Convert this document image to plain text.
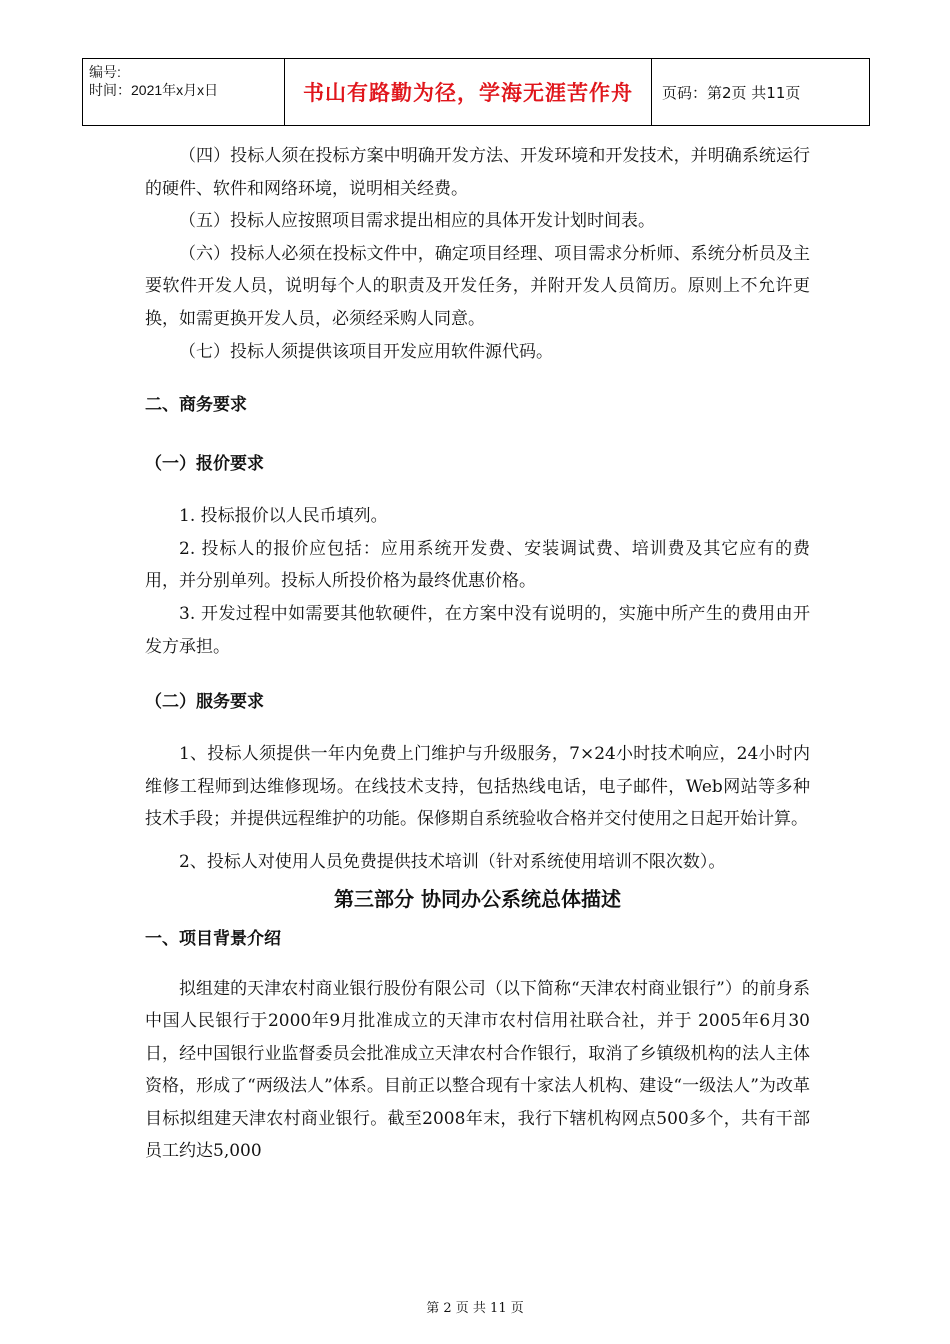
编号:
时间：2021年x月x日	书山有路勤为径，学海无涯苦作舟	页码：第2页 共11页

（四）投标人须在投标方案中明确开发方法、开发环境和开发技术，并明确系统运行的硬件、软件和网络环境，说明相关经费。

（五）投标人应按照项目需求提出相应的具体开发计划时间表。

（六）投标人必须在投标文件中，确定项目经理、项目需求分析师、系统分析员及主要软件开发人员，说明每个人的职责及开发任务，并附开发人员简历。原则上不允许更换，如需更换开发人员，必须经采购人同意。

（七）投标人须提供该项目开发应用软件源代码。

二、商务要求
（一）报价要求

1. 投标报价以人民币填列。

2. 投标人的报价应包括：应用系统开发费、安装调试费、培训费及其它应有的费用，并分别单列。投标人所投价格为最终优惠价格。

3. 开发过程中如需要其他软硬件，在方案中没有说明的，实施中所产生的费用由开发方承担。

（二）服务要求

1、投标人须提供一年内免费上门维护与升级服务，7×24小时技术响应，24小时内维修工程师到达维修现场。在线技术支持，包括热线电话，电子邮件，Web网站等多种技术手段；并提供远程维护的功能。保修期自系统验收合格并交付使用之日起开始计算。

2、投标人对使用人员免费提供技术培训（针对系统使用培训不限次数）。

第三部分 协同办公系统总体描述
一、项目背景介绍

拟组建的天津农村商业银行股份有限公司（以下简称“天津农村商业银行”）的前身系中国人民银行于2000年9月批准成立的天津市农村信用社联合社，并于 2005年6月30日，经中国银行业监督委员会批准成立天津农村合作银行，取消了乡镇级机构的法人主体资格，形成了“两级法人”体系。目前正以整合现有十家法人机构、建设“一级法人”为改革目标拟组建天津农村商业银行。截至2008年末，我行下辖机构网点500多个，共有干部员工约达5,000

第 2 页 共 11 页
